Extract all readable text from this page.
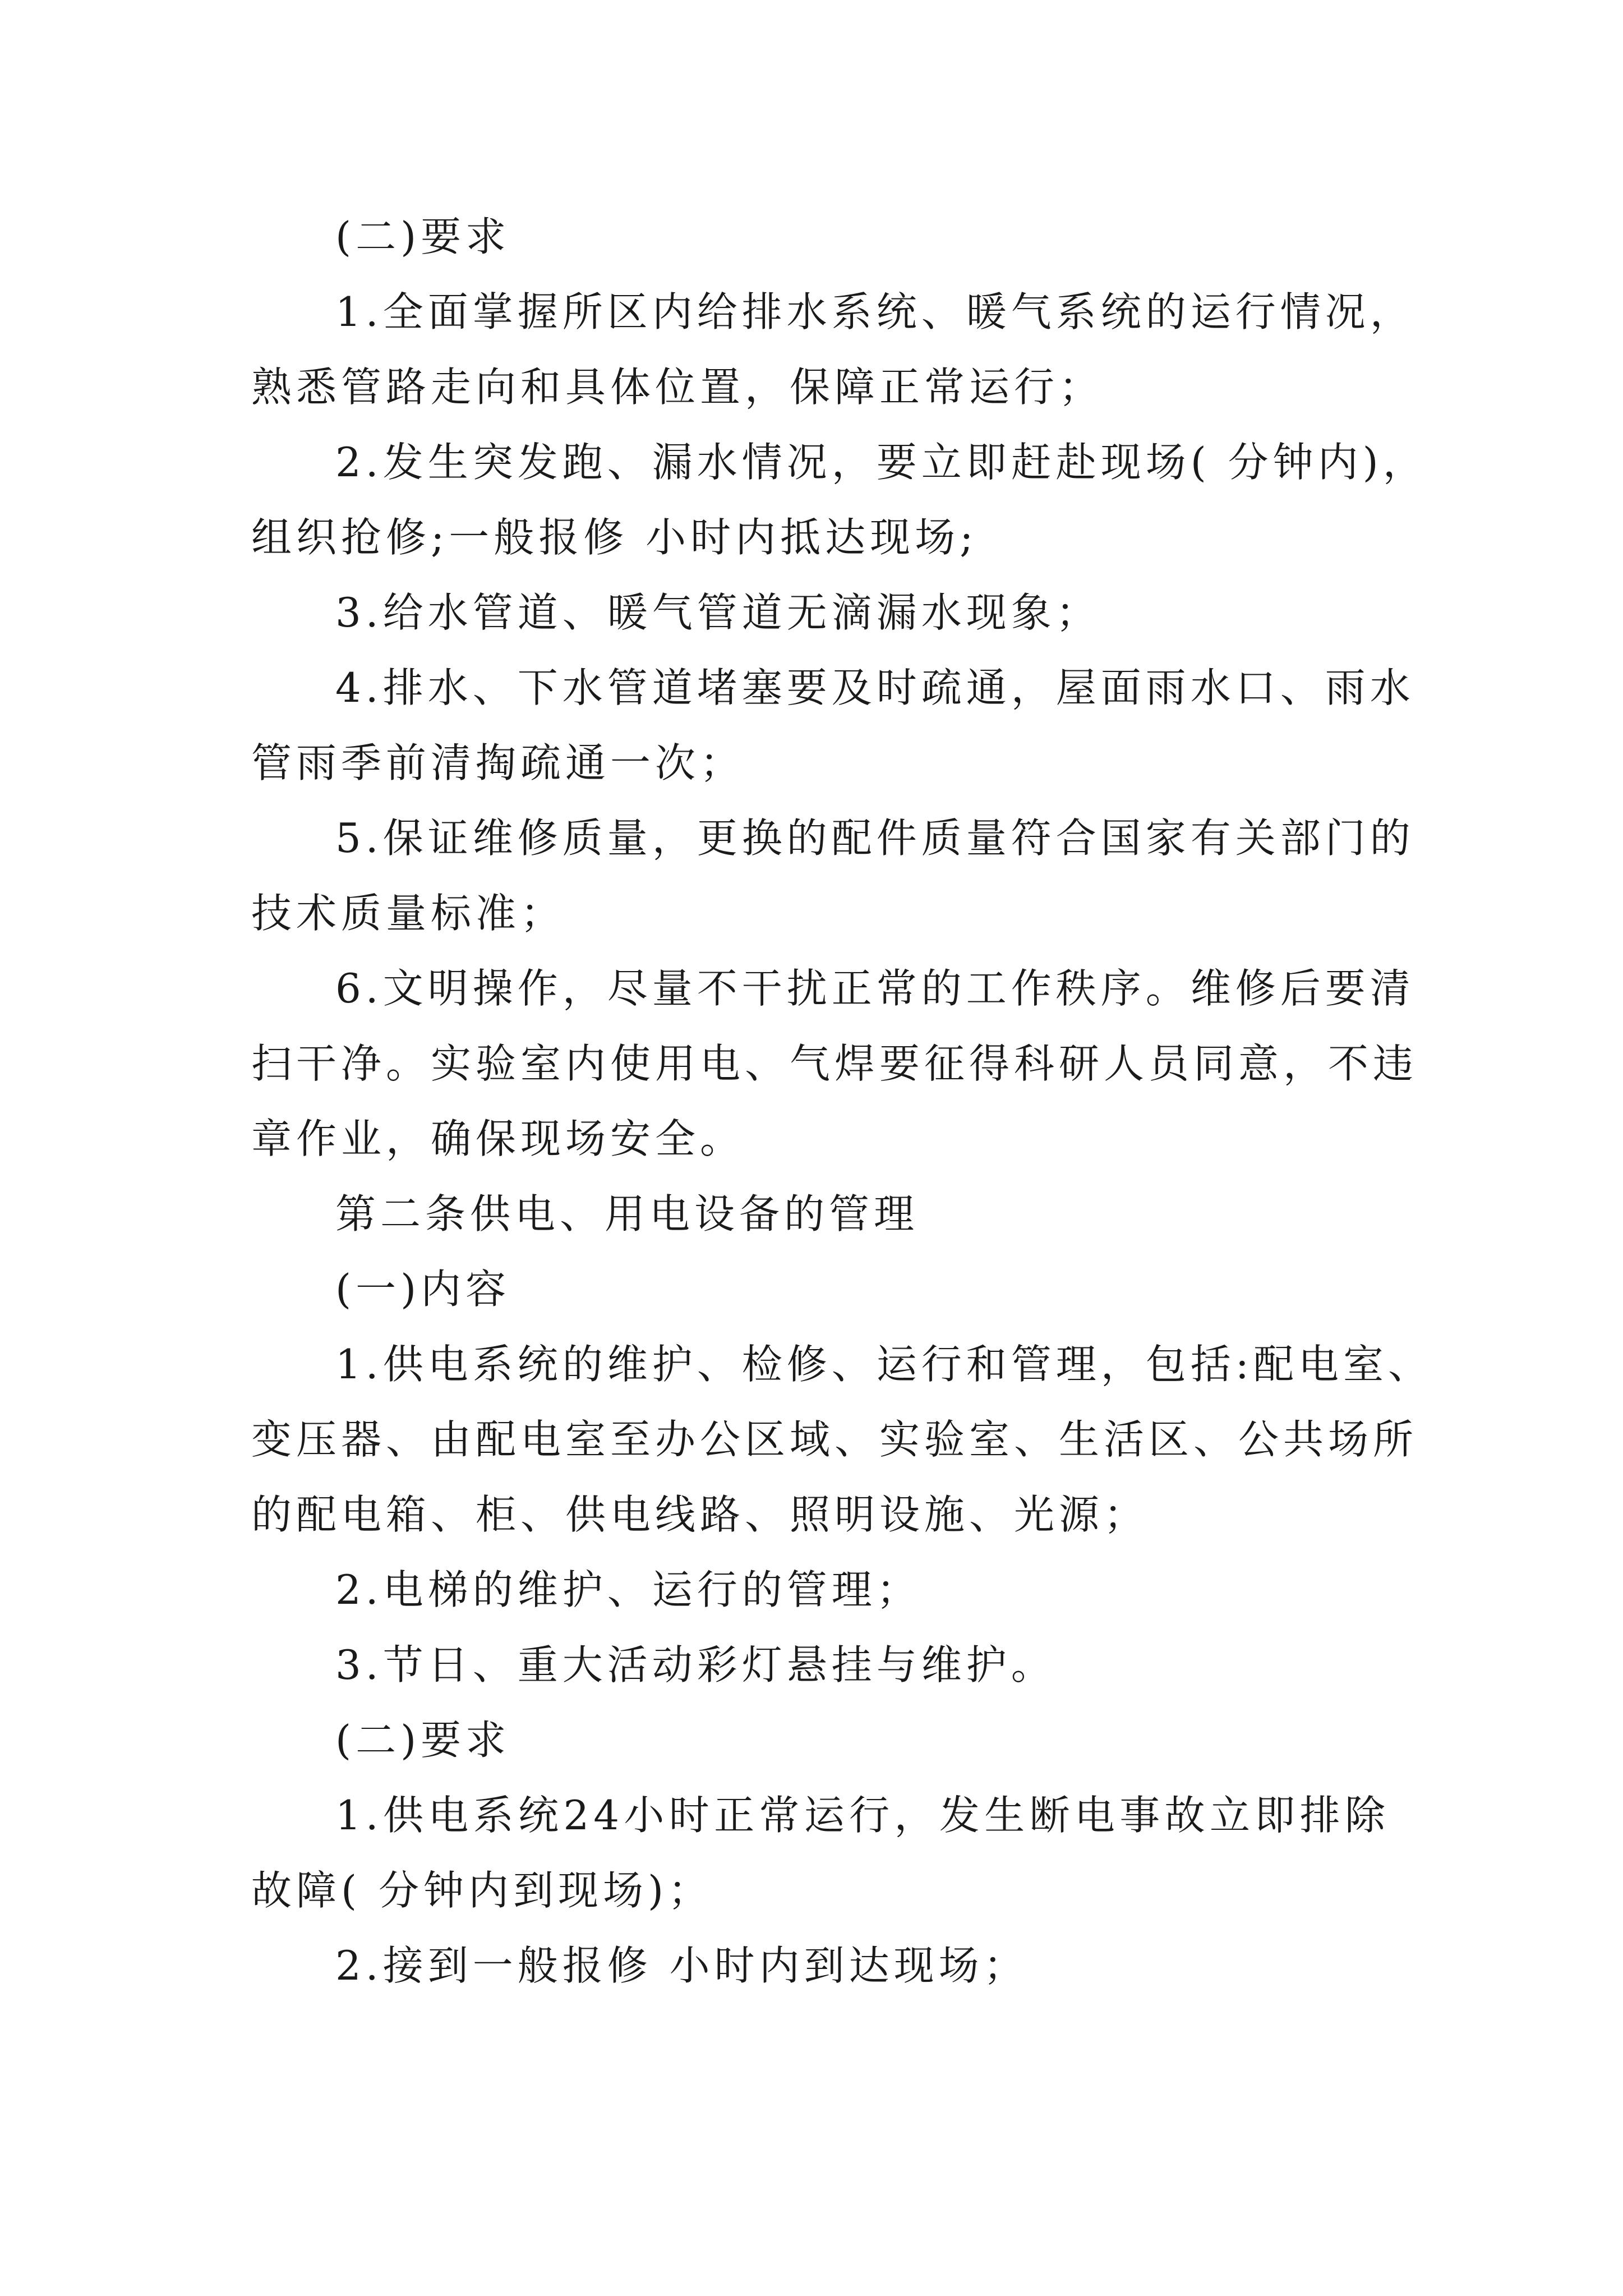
(二)要求
1.全面掌握所区内给排水系统、暖气系统的运行情况，
熟悉管路走向和具体位置，保障正常运行；
2.发生突发跑、漏水情况，要立即赶赴现场( 分钟内)，
组织抢修;一般报修 小时内抵达现场;
3.给水管道、暖气管道无滴漏水现象；
4.排水、下水管道堵塞要及时疏通，屋面雨水口、雨水
管雨季前清掏疏通一次；
5.保证维修质量，更换的配件质量符合国家有关部门的
技术质量标准；
6.文明操作，尽量不干扰正常的工作秩序。维修后要清
扫干净。实验室内使用电、气焊要征得科研人员同意，不违
章作业，确保现场安全。
第二条供电、用电设备的管理
(一)内容
1.供电系统的维护、检修、运行和管理，包括:配电室、
变压器、由配电室至办公区域、实验室、生活区、公共场所
的配电箱、柜、供电线路、照明设施、光源；
2.电梯的维护、运行的管理；
3.节日、重大活动彩灯悬挂与维护。
(二)要求
1.供电系统24小时正常运行，发生断电事故立即排除
故障( 分钟内到现场)；
2.接到一般报修 小时内到达现场；
